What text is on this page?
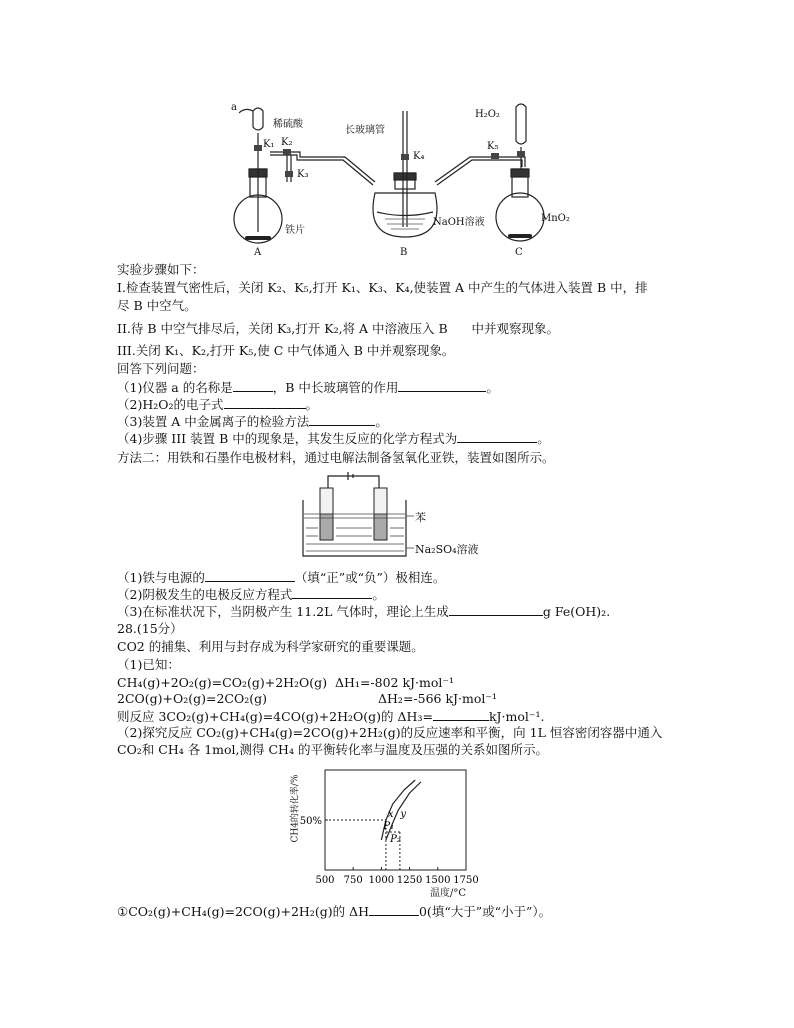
a
稀硫酸
K₁ K₂
K₃
铁片
A
长玻璃管
K₄
NaOH溶液
B
H₂O₂
K₅
MnO₂
C
实验步骤如下：
I.检查装置气密性后，关闭 K₂、K₅,打开 K₁、K₃、K₄,使装置 A 中产生的气体进入装置 B 中，排
尽 B 中空气。
II.待 B 中空气排尽后，关闭 K₃,打开 K₂,将 A 中溶液压入 B      中并观察现象。
III.关闭 K₁、K₂,打开 K₅,使 C 中气体通入 B 中并观察现象。
回答下列问题：
（1)仪器 a 的名称是	，B 中长玻璃管的作用	。
（2)H₂O₂的电子式	。
（3)装置 A 中金属离子的检验方法	。
（4)步骤 III 装置 B 中的现象是，其发生反应的化学方程式为	。
方法二：用铁和石墨作电极材料，通过电解法制备氢氧化亚铁，装置如图所示。
苯
Na₂SO₄溶液
（1)铁与电源的	（填“正”或“负”）极相连。
（2)阴极发生的电极反应方程式	。
（3)在标准状况下，当阴极产生 11.2L 气体时，理论上生成	g Fe(OH)₂.
28.(15分）
CO2 的捕集、利用与封存成为科学家研究的重要课题。
（1)已知：
CH₄(g)+2O₂(g)=CO₂(g)+2H₂O(g) ΔH₁=-802 kJ·mol⁻¹
2CO(g)+O₂(g)=2CO₂(g)	ΔH₂=-566 kJ·mol⁻¹
则反应 3CO₂(g)+CH₄(g)=4CO(g)+2H₂O(g)的 ΔH₃=	kJ·mol⁻¹.
（2)探究反应 CO₂(g)+CH₄(g)=2CO(g)+2H₂(g)的反应速率和平衡，向 1L 恒容密闭容器中通入
CO₂和 CH₄ 各 1mol,测得 CH₄ 的平衡转化率与温度及压强的关系如图所示。
500 750 1000 1250 1500 1750
50%
x y
P₁
P₂
CH4的转化率/%
温度/°C
①CO₂(g)+CH₄(g)=2CO(g)+2H₂(g)的 ΔH	0(填“大于”或“小于”）。
